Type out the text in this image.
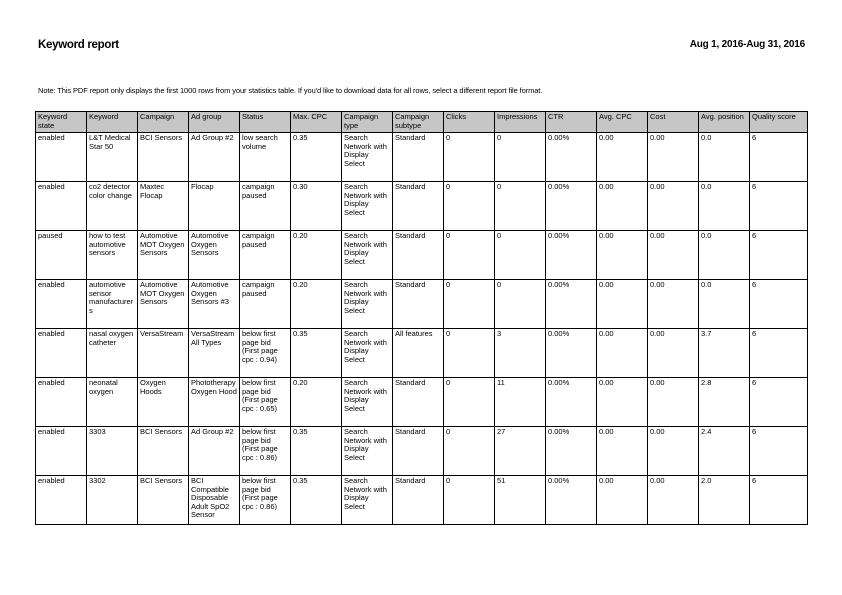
Keyword report	Aug 1, 2016-Aug 31, 2016
Note: This PDF report only displays the first 1000 rows from your statistics table. If you'd like to download data for all rows, select a different report file format.
Keyword state	Keyword	Campaign	Ad group	Status	Max. CPC	Campaign type	Campaign subtype	Clicks	Impressions	CTR	Avg. CPC	Cost	Avg. position	Quality score
enabled	L&T Medical Star 50	BCI Sensors	Ad Group #2	low search volume	0.35	Search Network with Display Select	Standard	0	0	0.00%	0.00	0.00	0.0	6
enabled	co2 detector color change	Maxtec Flocap	Flocap	campaign paused	0.30	Search Network with Display Select	Standard	0	0	0.00%	0.00	0.00	0.0	6
paused	how to test automotive sensors	Automotive MOT Oxygen Sensors	Automotive Oxygen Sensors	campaign paused	0.20	Search Network with Display Select	Standard	0	0	0.00%	0.00	0.00	0.0	6
enabled	automotive sensor manufacturers	Automotive MOT Oxygen Sensors	Automotive Oxygen Sensors #3	campaign paused	0.20	Search Network with Display Select	Standard	0	0	0.00%	0.00	0.00	0.0	6
enabled	nasal oxygen catheter	VersaStream	VersaStream All Types	below first page bid (First page cpc : 0.94)	0.35	Search Network with Display Select	All features	0	3	0.00%	0.00	0.00	3.7	6
enabled	neonatal oxygen	Oxygen Hoods	Phototherapy Oxygen Hood	below first page bid (First page cpc : 0.65)	0.20	Search Network with Display Select	Standard	0	11	0.00%	0.00	0.00	2.8	6
enabled	3303	BCI Sensors	Ad Group #2	below first page bid (First page cpc : 0.86)	0.35	Search Network with Display Select	Standard	0	27	0.00%	0.00	0.00	2.4	6
enabled	3302	BCI Sensors	BCI Compatible Disposable Adult SpO2 Sensor	below first page bid (First page cpc : 0.86)	0.35	Search Network with Display Select	Standard	0	51	0.00%	0.00	0.00	2.0	6
